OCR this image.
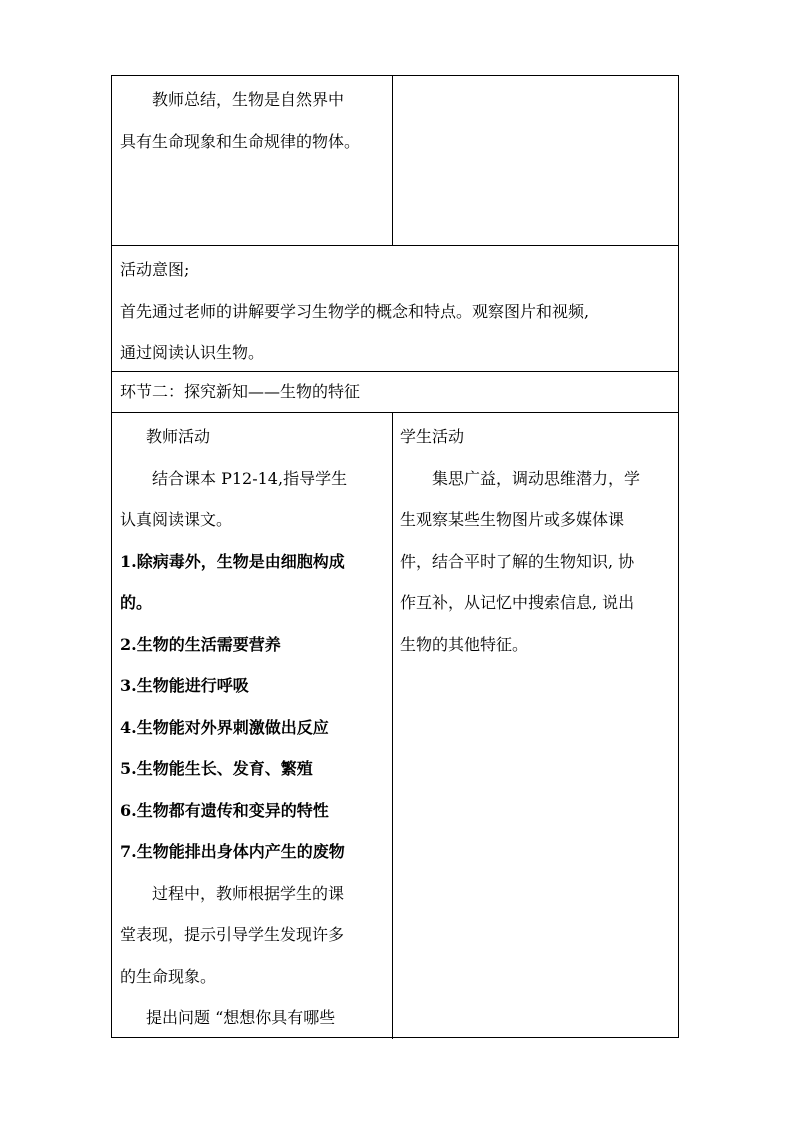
教师总结，生物是自然界中

具有生命现象和生命规律的物体。

活动意图;

首先通过老师的讲解要学习生物学的概念和特点。观察图片和视频,

通过阅读认识生物。

环节二：探究新知——生物的特征

教师活动

结合课本 P12-14,指导学生

认真阅读课文。

1.除病毒外，生物是由细胞构成

的。

2.生物的生活需要营养

3.生物能进行呼吸

4.生物能对外界刺激做出反应

5.生物能生长、发育、繁殖

6.生物都有遗传和变异的特性

7.生物能排出身体内产生的废物

过程中，教师根据学生的课

堂表现，提示引导学生发现许多

的生命现象。

提出问题 “想想你具有哪些

学生活动

集思广益，调动思维潜力，学

生观察某些生物图片或多媒体课

件，结合平时了解的生物知识, 协

作互补，从记忆中搜索信息, 说出

生物的其他特征。
